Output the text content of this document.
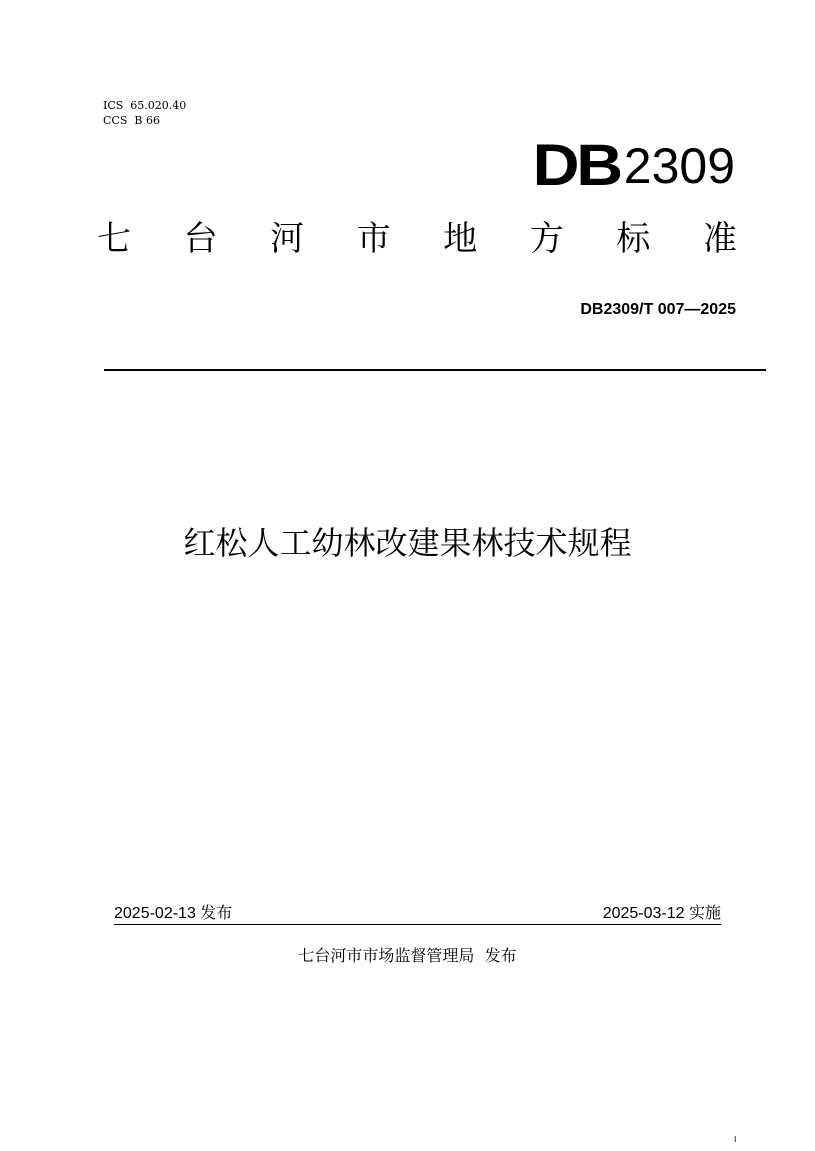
ICS  65.020.40
CCS  B 66
DB 2309
七 台 河 市 地 方 标 准
DB2309/T 007—2025
红松人工幼林改建果林技术规程
2025-02-13 发布	2025-03-12 实施
七台河市市场监督管理局  发布
I
